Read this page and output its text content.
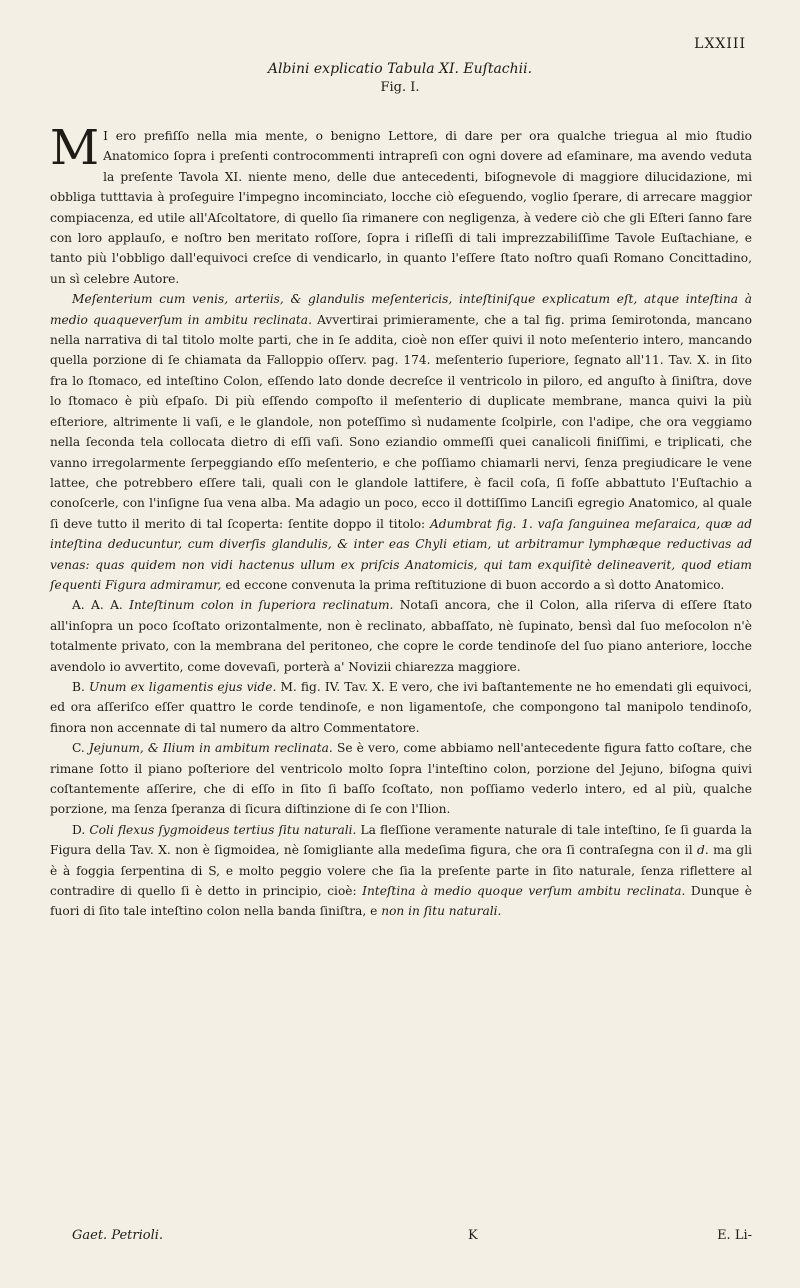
LXXIII
Albini explicatio Tabula XI. Euſtachii.
Fig. I.

M I ero prefiſſo nella mia mente, o benigno Lettore, di dare per ora qualche triegua al mio ſtudio Anatomico ſopra i preſenti controcommenti intrapreſi con ogni dovere ad eſaminare, ma avendo veduta la preſente Tavola XI. niente meno, delle due antecedenti, biſognevole di maggiore dilucidazione, mi obbliga tutttavia à proſeguire l'impegno incominciato, locche ciò eſeguendo, voglio ſperare, di arrecare maggior compiacenza, ed utile all'Aſcoltatore, di quello ſia rimanere con negligenza, à vedere ciò che gli Eſteri ſanno fare con loro applauſo, e noſtro ben meritato roſſore, ſopra i riſleſſi di tali imprezzabiliſſime Tavole Euſtachiane, e tanto più l'obbligo dall'equivoci creſce di vendicarlo, in quanto l'eſſere ſtato noſtro quaſi Romano Concittadino, un sì celebre Autore.

Meſenterium cum venis, arteriis, & glandulis meſentericis, inteſtiniſque explicatum eſt, atque inteſtina à medio quaqueverſum in ambitu reclinata. Avvertirai primieramente, che a tal fig. prima ſemirotonda, mancano nella narrativa di tal titolo molte parti, che in ſe addita, cioè non eſſer quivi il noto meſenterio intero, mancando quella porzione di ſe chiamata da Falloppio oſſerv. pag. 174. meſenterio ſuperiore, ſegnato all'11. Tav. X. in ſito fra lo ſtomaco, ed inteſtino Colon, eſſendo lato donde decreſce il ventricolo in piloro, ed anguſto à ſiniſtra, dove lo ſtomaco è più eſpaſo. Di più eſſendo compoſto il meſenterio di duplicate membrane, manca quivi la più eſteriore, altrimente li vaſi, e le glandole, non poteſſimo sì nudamente ſcolpirle, con l'adipe, che ora veggiamo nella ſeconda tela collocata dietro di eſſi vaſi. Sono eziandio ommeſſi quei canalicoli finiſſimi, e triplicati, che vanno irregolarmente ſerpeggiando eſſo meſenterio, e che poſſiamo chiamarli nervi, ſenza pregiudicare le vene lattee, che potrebbero eſſere tali, quali con le glandole lattifere, è facil coſa, ſi foſſe abbattuto l'Euſtachio a conoſcerle, con l'inſigne ſua vena alba. Ma adagio un poco, ecco il dottiſſimo Lanciſi egregio Anatomico, al quale ſi deve tutto il merito di tal ſcoperta: ſentite doppo il titolo: Adumbrat fig. 1. vaſa ſanguinea meſaraica, quæ ad inteſtina deducuntur, cum diverſis glandulis, & inter eas Chyli etiam, ut arbitramur lymphæque reductivas ad venas: quas quidem non vidi hactenus ullum ex priſcis Anatomicis, qui tam exquiſitè delineaverit, quod etiam ſequenti Figura admiramur, ed eccone convenuta la prima reſtituzione di buon accordo a sì dotto Anatomico.

A. A. A. Inteſtinum colon in ſuperiora reclinatum. Notaſi ancora, che il Colon, alla riſerva di eſſere ſtato all'inſopra un poco ſcoſtato orizontalmente, non è reclinato, abbaſſato, nè ſupinato, bensì dal ſuo meſocolon n'è totalmente privato, con la membrana del peritoneo, che copre le corde tendinoſe del ſuo piano anteriore, locche avendolo io avvertito, come dovevaſi, porterà a' Novizii chiarezza maggiore.

B. Unum ex ligamentis ejus vide. M. fig. IV. Tav. X. E vero, che ivi baſtantemente ne ho emendati gli equivoci, ed ora aſſeriſco eſſer quattro le corde tendinoſe, e non ligamentoſe, che compongono tal manipolo tendinoſo, finora non accennate di tal numero da altro Commentatore.

C. Jejunum, & Ilium in ambitum reclinata. Se è vero, come abbiamo nell'antecedente figura fatto coſtare, che rimane ſotto il piano poſteriore del ventricolo molto ſopra l'inteſtino colon, porzione del Jejuno, biſogna quivi coſtantemente aſſerire, che di eſſo in ſito ſi baſſo ſcoſtato, non poſſiamo vederlo intero, ed al più, qualche porzione, ma ſenza ſperanza di ſicura diſtinzione di ſe con l'Ilion.

D. Coli flexus ſygmoideus tertius ſitu naturali. La fleſſione veramente naturale di tale inteſtino, ſe ſi guarda la Figura della Tav. X. non è ſigmoidea, nè ſomigliante alla medeſima figura, che ora ſi contraſegna con il d. ma gli è à foggia ſerpentina di S, e molto peggio volere che ſia la preſente parte in ſito naturale, ſenza riflettere al contradire di quello ſi è detto in principio, cioè: Inteſtina à medio quoque verſum ambitu reclinata. Dunque è fuori di ſito tale inteſtino colon nella banda ſiniſtra, e non in ſitu naturali.

Gaet. Petrioli.	K	E. Li-
